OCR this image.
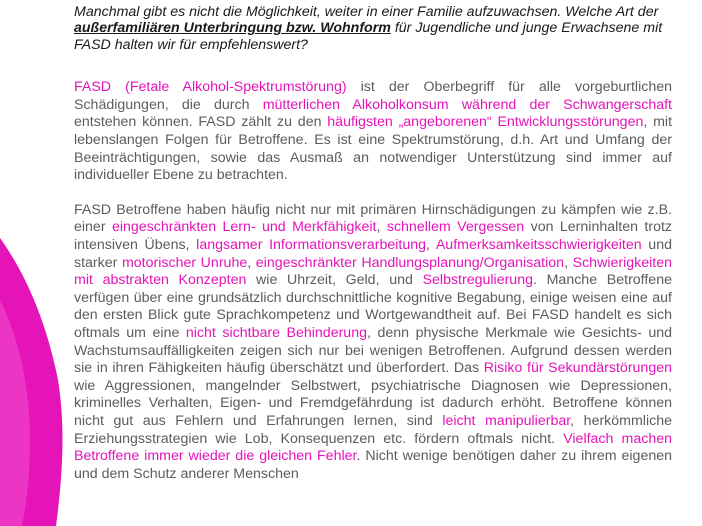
Manchmal gibt es nicht die Möglichkeit, weiter in einer Familie aufzuwachsen. Welche Art der außerfamiliären Unterbringung bzw. Wohnform für Jugendliche und junge Erwachsene mit FASD halten wir für empfehlenswert?

FASD (Fetale Alkohol-Spektrumstörung) ist der Oberbegriff für alle vorgeburtlichen Schädigungen, die durch mütterlichen Alkoholkonsum während der Schwangerschaft entstehen können. FASD zählt zu den häufigsten „angeborenen“ Entwicklungsstörungen, mit lebenslangen Folgen für Betroffene. Es ist eine Spektrumstörung, d.h. Art und Umfang der Beeinträchtigungen, sowie das Ausmaß an notwendiger Unterstützung sind immer auf individueller Ebene zu betrachten.

FASD Betroffene haben häufig nicht nur mit primären Hirnschädigungen zu kämpfen wie z.B. einer eingeschränkten Lern- und Merkfähigkeit, schnellem Vergessen von Lerninhalten trotz intensiven Übens, langsamer Informationsverarbeitung, Aufmerksamkeitsschwierigkeiten und starker motorischer Unruhe, eingeschränkter Handlungsplanung/Organisation, Schwierigkeiten mit abstrakten Konzepten wie Uhrzeit, Geld, und Selbstregulierung. Manche Betroffene verfügen über eine grundsätzlich durchschnittliche kognitive Begabung, einige weisen eine auf den ersten Blick gute Sprachkompetenz und Wortgewandtheit auf. Bei FASD handelt es sich oftmals um eine nicht sichtbare Behinderung, denn physische Merkmale wie Gesichts- und Wachstumsauffälligkeiten zeigen sich nur bei wenigen Betroffenen. Aufgrund dessen werden sie in ihren Fähigkeiten häufig überschätzt und überfordert. Das Risiko für Sekundärstörungen wie Aggressionen, mangelnder Selbstwert, psychiatrische Diagnosen wie Depressionen, kriminelles Verhalten, Eigen- und Fremdgefährdung ist dadurch erhöht. Betroffene können nicht gut aus Fehlern und Erfahrungen lernen, sind leicht manipulierbar, herkömmliche Erziehungsstrategien wie Lob, Konsequenzen etc. fördern oftmals nicht. Vielfach machen Betroffene immer wieder die gleichen Fehler. Nicht wenige benötigen daher zu ihrem eigenen und dem Schutz anderer Menschen
